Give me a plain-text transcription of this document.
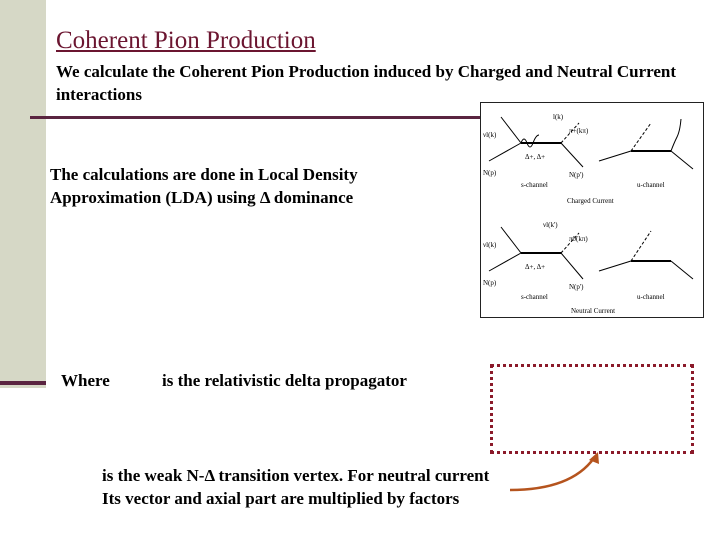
Coherent Pion Production
We calculate the Coherent Pion Production induced by Charged and Neutral Current interactions
The calculations are done in Local Density
Approximation (LDA) using Δ dominance
Where	is the relativistic delta propagator
is the weak N-Δ transition vertex. For neutral current
Its vector and axial part are multiplied by factors
νl(k)
l(k)
π+(kπ)
Δ+, Δ+
N(p)	N(p')
s-channel	u-channel
Charged Current
νl(k)
νl(k')
π0(kπ)
Δ+, Δ+
N(p)	N(p')
s-channel	u-channel
Neutral Current
